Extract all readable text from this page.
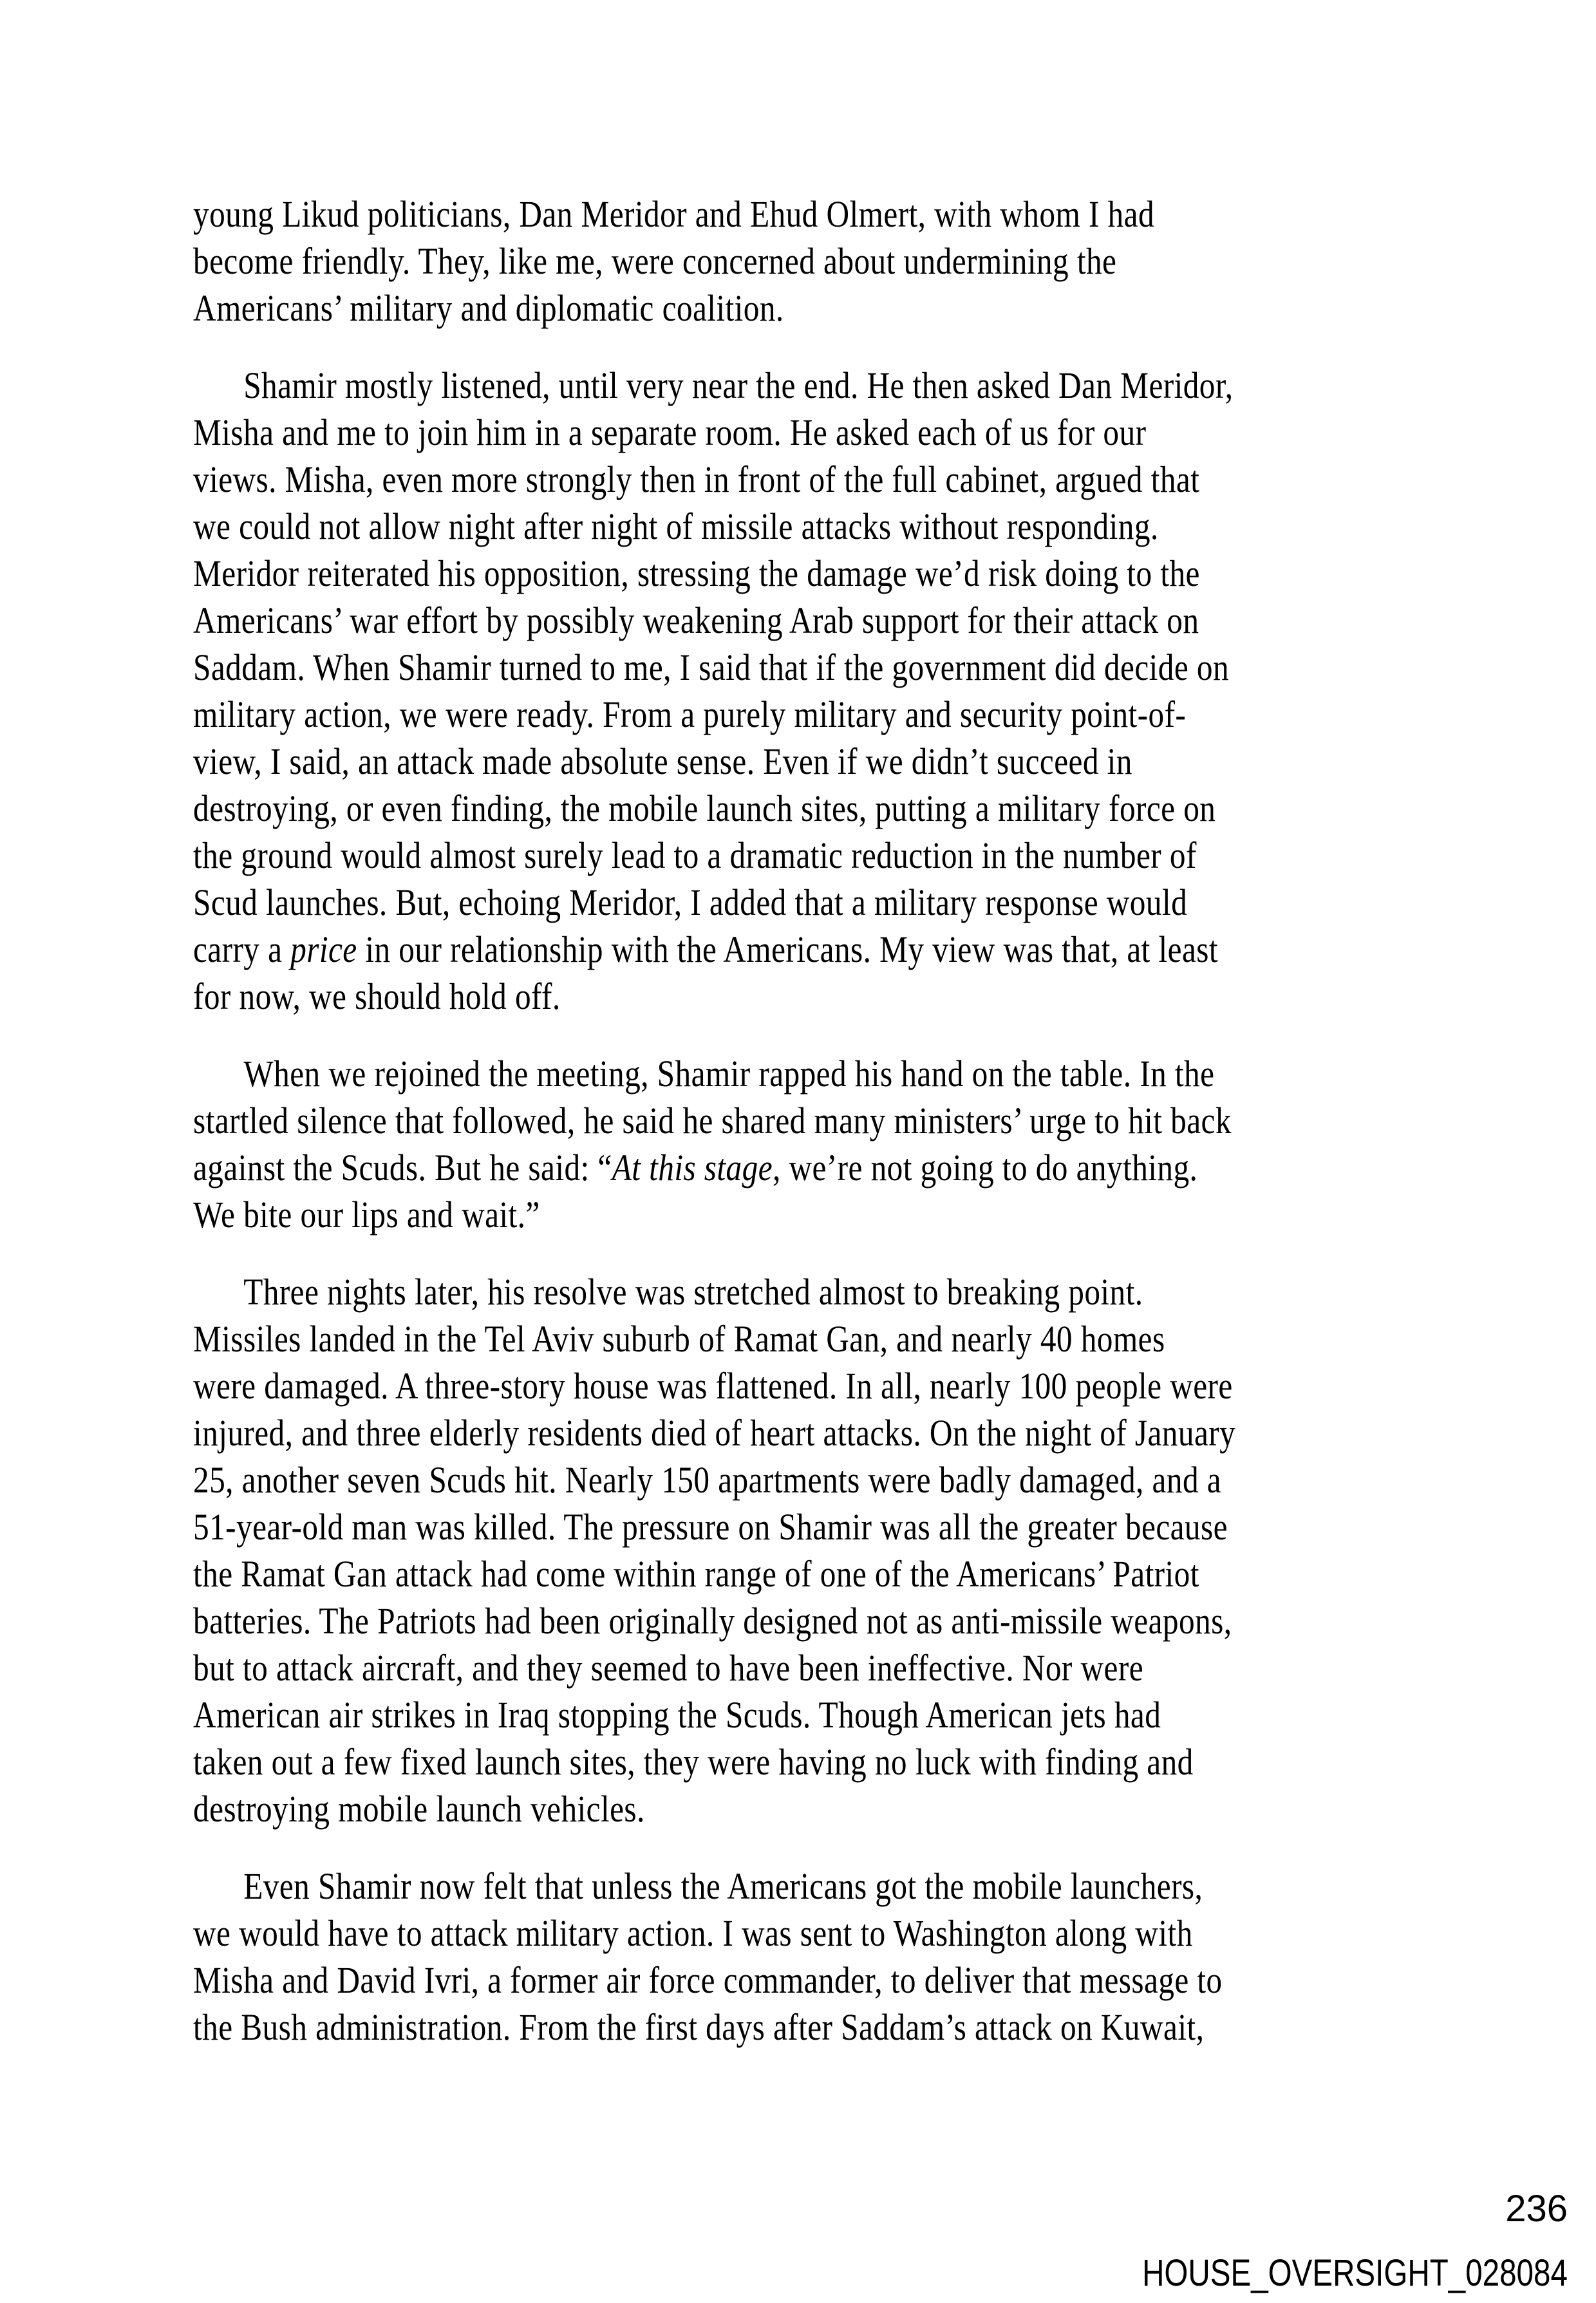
young Likud politicians, Dan Meridor and Ehud Olmert, with whom I had
become friendly. They, like me, were concerned about undermining the
Americans’ military and diplomatic coalition.
Shamir mostly listened, until very near the end. He then asked Dan Meridor,
Misha and me to join him in a separate room. He asked each of us for our
views. Misha, even more strongly then in front of the full cabinet, argued that
we could not allow night after night of missile attacks without responding.
Meridor reiterated his opposition, stressing the damage we’d risk doing to the
Americans’ war effort by possibly weakening Arab support for their attack on
Saddam. When Shamir turned to me, I said that if the government did decide on
military action, we were ready. From a purely military and security point-of-
view, I said, an attack made absolute sense. Even if we didn’t succeed in
destroying, or even finding, the mobile launch sites, putting a military force on
the ground would almost surely lead to a dramatic reduction in the number of
Scud launches. But, echoing Meridor, I added that a military response would
carry a price in our relationship with the Americans. My view was that, at least
for now, we should hold off.
When we rejoined the meeting, Shamir rapped his hand on the table. In the
startled silence that followed, he said he shared many ministers’ urge to hit back
against the Scuds. But he said: “At this stage, we’re not going to do anything.
We bite our lips and wait.”
Three nights later, his resolve was stretched almost to breaking point.
Missiles landed in the Tel Aviv suburb of Ramat Gan, and nearly 40 homes
were damaged. A three-story house was flattened. In all, nearly 100 people were
injured, and three elderly residents died of heart attacks. On the night of January
25, another seven Scuds hit. Nearly 150 apartments were badly damaged, and a
51-year-old man was killed. The pressure on Shamir was all the greater because
the Ramat Gan attack had come within range of one of the Americans’ Patriot
batteries. The Patriots had been originally designed not as anti-missile weapons,
but to attack aircraft, and they seemed to have been ineffective. Nor were
American air strikes in Iraq stopping the Scuds. Though American jets had
taken out a few fixed launch sites, they were having no luck with finding and
destroying mobile launch vehicles.
Even Shamir now felt that unless the Americans got the mobile launchers,
we would have to attack military action. I was sent to Washington along with
Misha and David Ivri, a former air force commander, to deliver that message to
the Bush administration. From the first days after Saddam’s attack on Kuwait,
236
HOUSE_OVERSIGHT_028084
